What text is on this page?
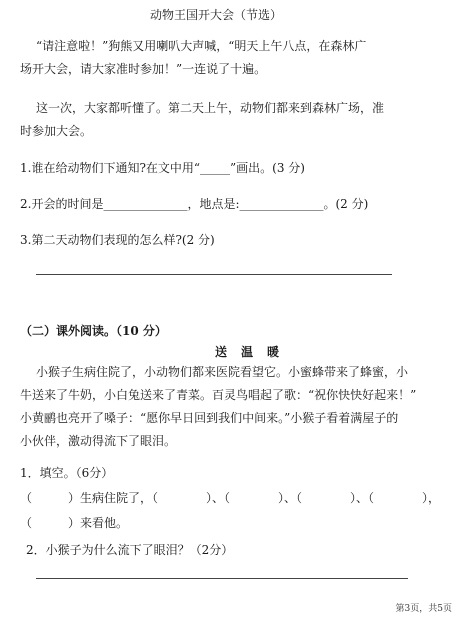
动物王国开大会（节选）
“请注意啦！”狗熊又用喇叭大声喊，“明天上午八点，在森林广
场开大会，请大家准时参加！”一连说了十遍。
这一次，大家都听懂了。第二天上午，动物们都来到森林广场，准
时参加大会。
1.谁在给动物们下通知?在文中用“_____”画出。(3 分)
2.开会的时间是______________，地点是:______________。(2 分)
3.第二天动物们表现的怎么样?(2 分)
（二）课外阅读。（10 分）
送　温　暖
小猴子生病住院了，小动物们都来医院看望它。小蜜蜂带来了蜂蜜，小
牛送来了牛奶，小白兔送来了青菜。百灵鸟唱起了歌：“祝你快快好起来！”
小黄鹂也亮开了嗓子：“愿你早日回到我们中间来。”小猴子看着满屋子的
小伙伴，激动得流下了眼泪。
1．填空。（6分）
（　　　）生病住院了，（　　　　）、（　　　　）、（　　　　）、（　　　　），
（　　　）来看他。
2．小猴子为什么流下了眼泪？（2分）
第3页，共5页
